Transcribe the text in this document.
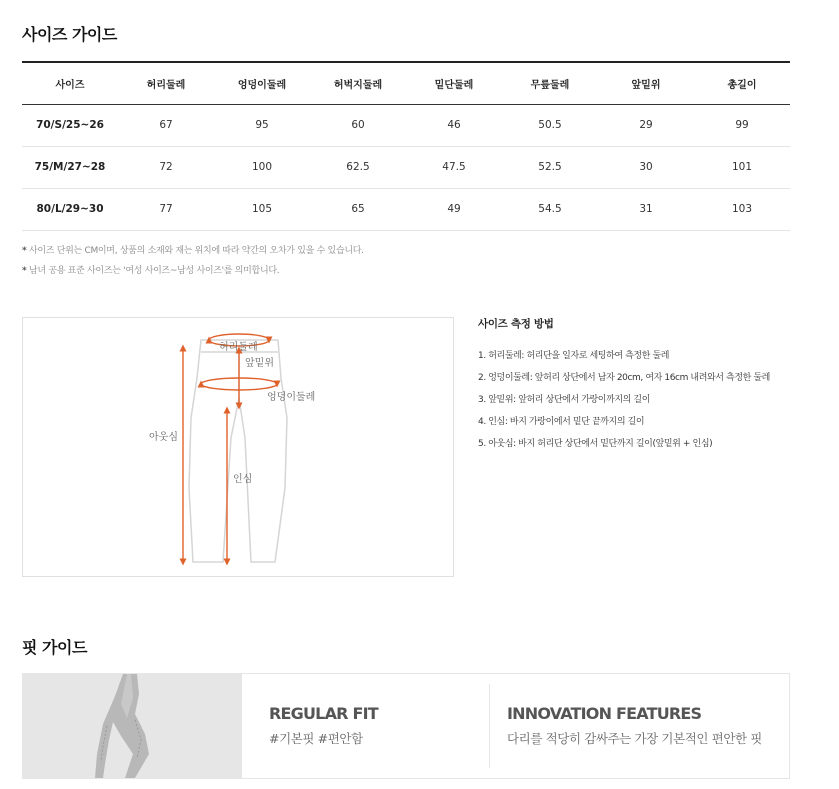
사이즈 가이드
사이즈	허리둘레	엉덩이둘레	허벅지둘레	밑단둘레	무릎둘레	앞밑위	총길이
70/S/25~26	67	95	60	46	50.5	29	99
75/M/27~28	72	100	62.5	47.5	52.5	30	101
80/L/29~30	77	105	65	49	54.5	31	103
* 사이즈 단위는 CM이며, 상품의 소재와 재는 위치에 따라 약간의 오차가 있을 수 있습니다.
* 남녀 공용 표준 사이즈는 '여성 사이즈~남성 사이즈'를 의미합니다.
허리둘레
앞밑위
엉덩이둘레
아웃심
인심
사이즈 측정 방법
1. 허리둘레: 허리단을 일자로 세팅하여 측정한 둘레
2. 엉덩이둘레: 앞허리 상단에서 남자 20cm, 여자 16cm 내려와서 측정한 둘레
3. 앞밑위: 앞허리 상단에서 가랑이까지의 길이
4. 인심: 바지 가랑이에서 밑단 끝까지의 길이
5. 아웃심: 바지 허리단 상단에서 밑단까지 길이(앞밑위 + 인심)
핏 가이드
REGULAR FIT
#기본핏 #편안함
INNOVATION FEATURES
다리를 적당히 감싸주는 가장 기본적인 편안한 핏
